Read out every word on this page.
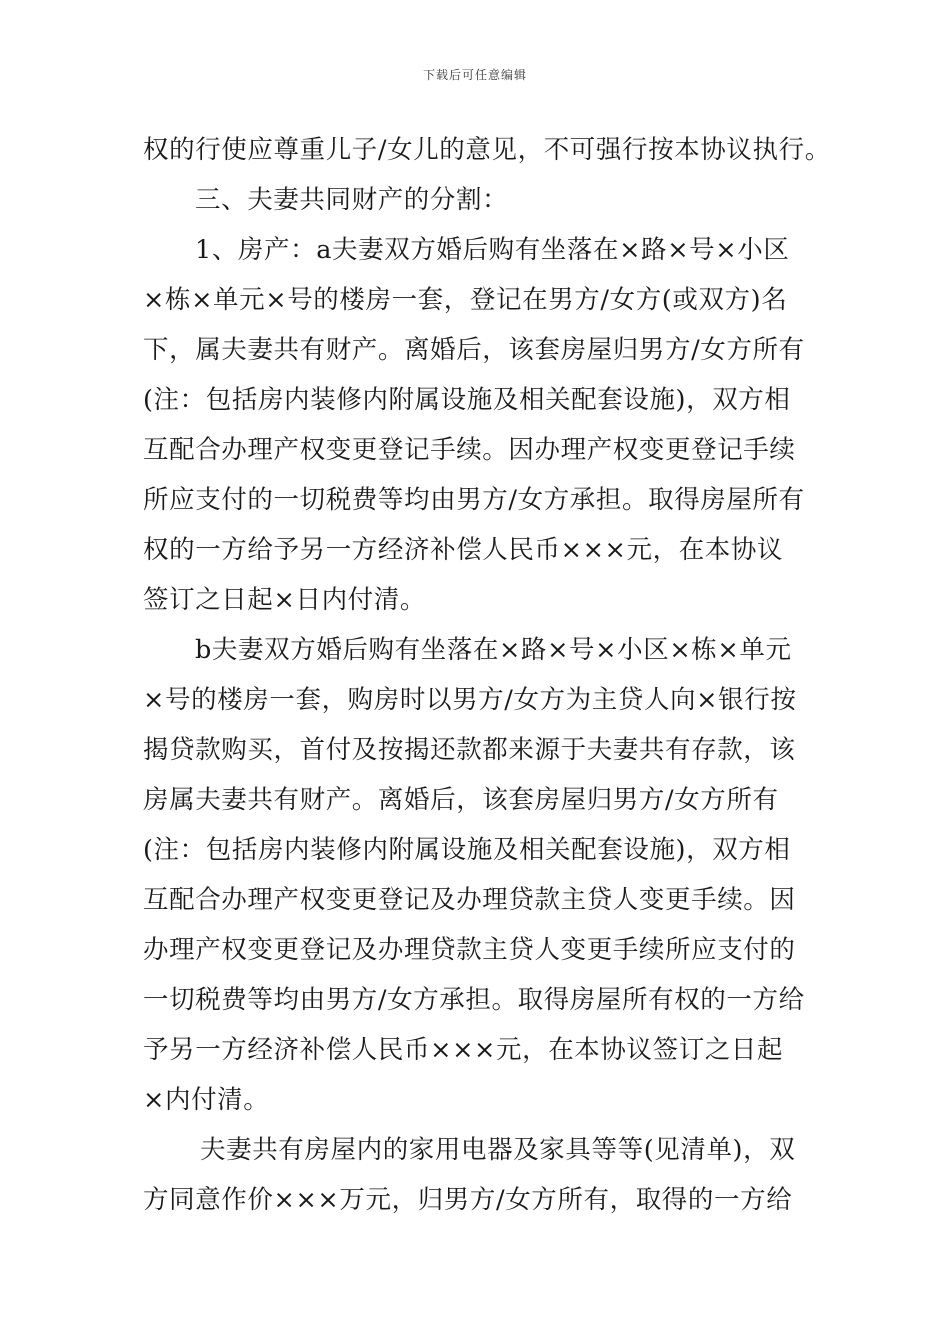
下载后可任意编辑
权的行使应尊重儿子/女儿的意见，不可强行按本协议执行。
三、夫妻共同财产的分割：
1、房产：a夫妻双方婚后购有坐落在×路×号×小区
×栋×单元×号的楼房一套，登记在男方/女方(或双方)名
下，属夫妻共有财产。离婚后，该套房屋归男方/女方所有
(注：包括房内装修内附属设施及相关配套设施)，双方相
互配合办理产权变更登记手续。因办理产权变更登记手续
所应支付的一切税费等均由男方/女方承担。取得房屋所有
权的一方给予另一方经济补偿人民币×××元，在本协议
签订之日起×日内付清。
b夫妻双方婚后购有坐落在×路×号×小区×栋×单元
×号的楼房一套，购房时以男方/女方为主贷人向×银行按
揭贷款购买，首付及按揭还款都来源于夫妻共有存款，该
房属夫妻共有财产。离婚后，该套房屋归男方/女方所有
(注：包括房内装修内附属设施及相关配套设施)，双方相
互配合办理产权变更登记及办理贷款主贷人变更手续。因
办理产权变更登记及办理贷款主贷人变更手续所应支付的
一切税费等均由男方/女方承担。取得房屋所有权的一方给
予另一方经济补偿人民币×××元，在本协议签订之日起
×内付清。
夫妻共有房屋内的家用电器及家具等等(见清单)，双
方同意作价×××万元，归男方/女方所有，取得的一方给
